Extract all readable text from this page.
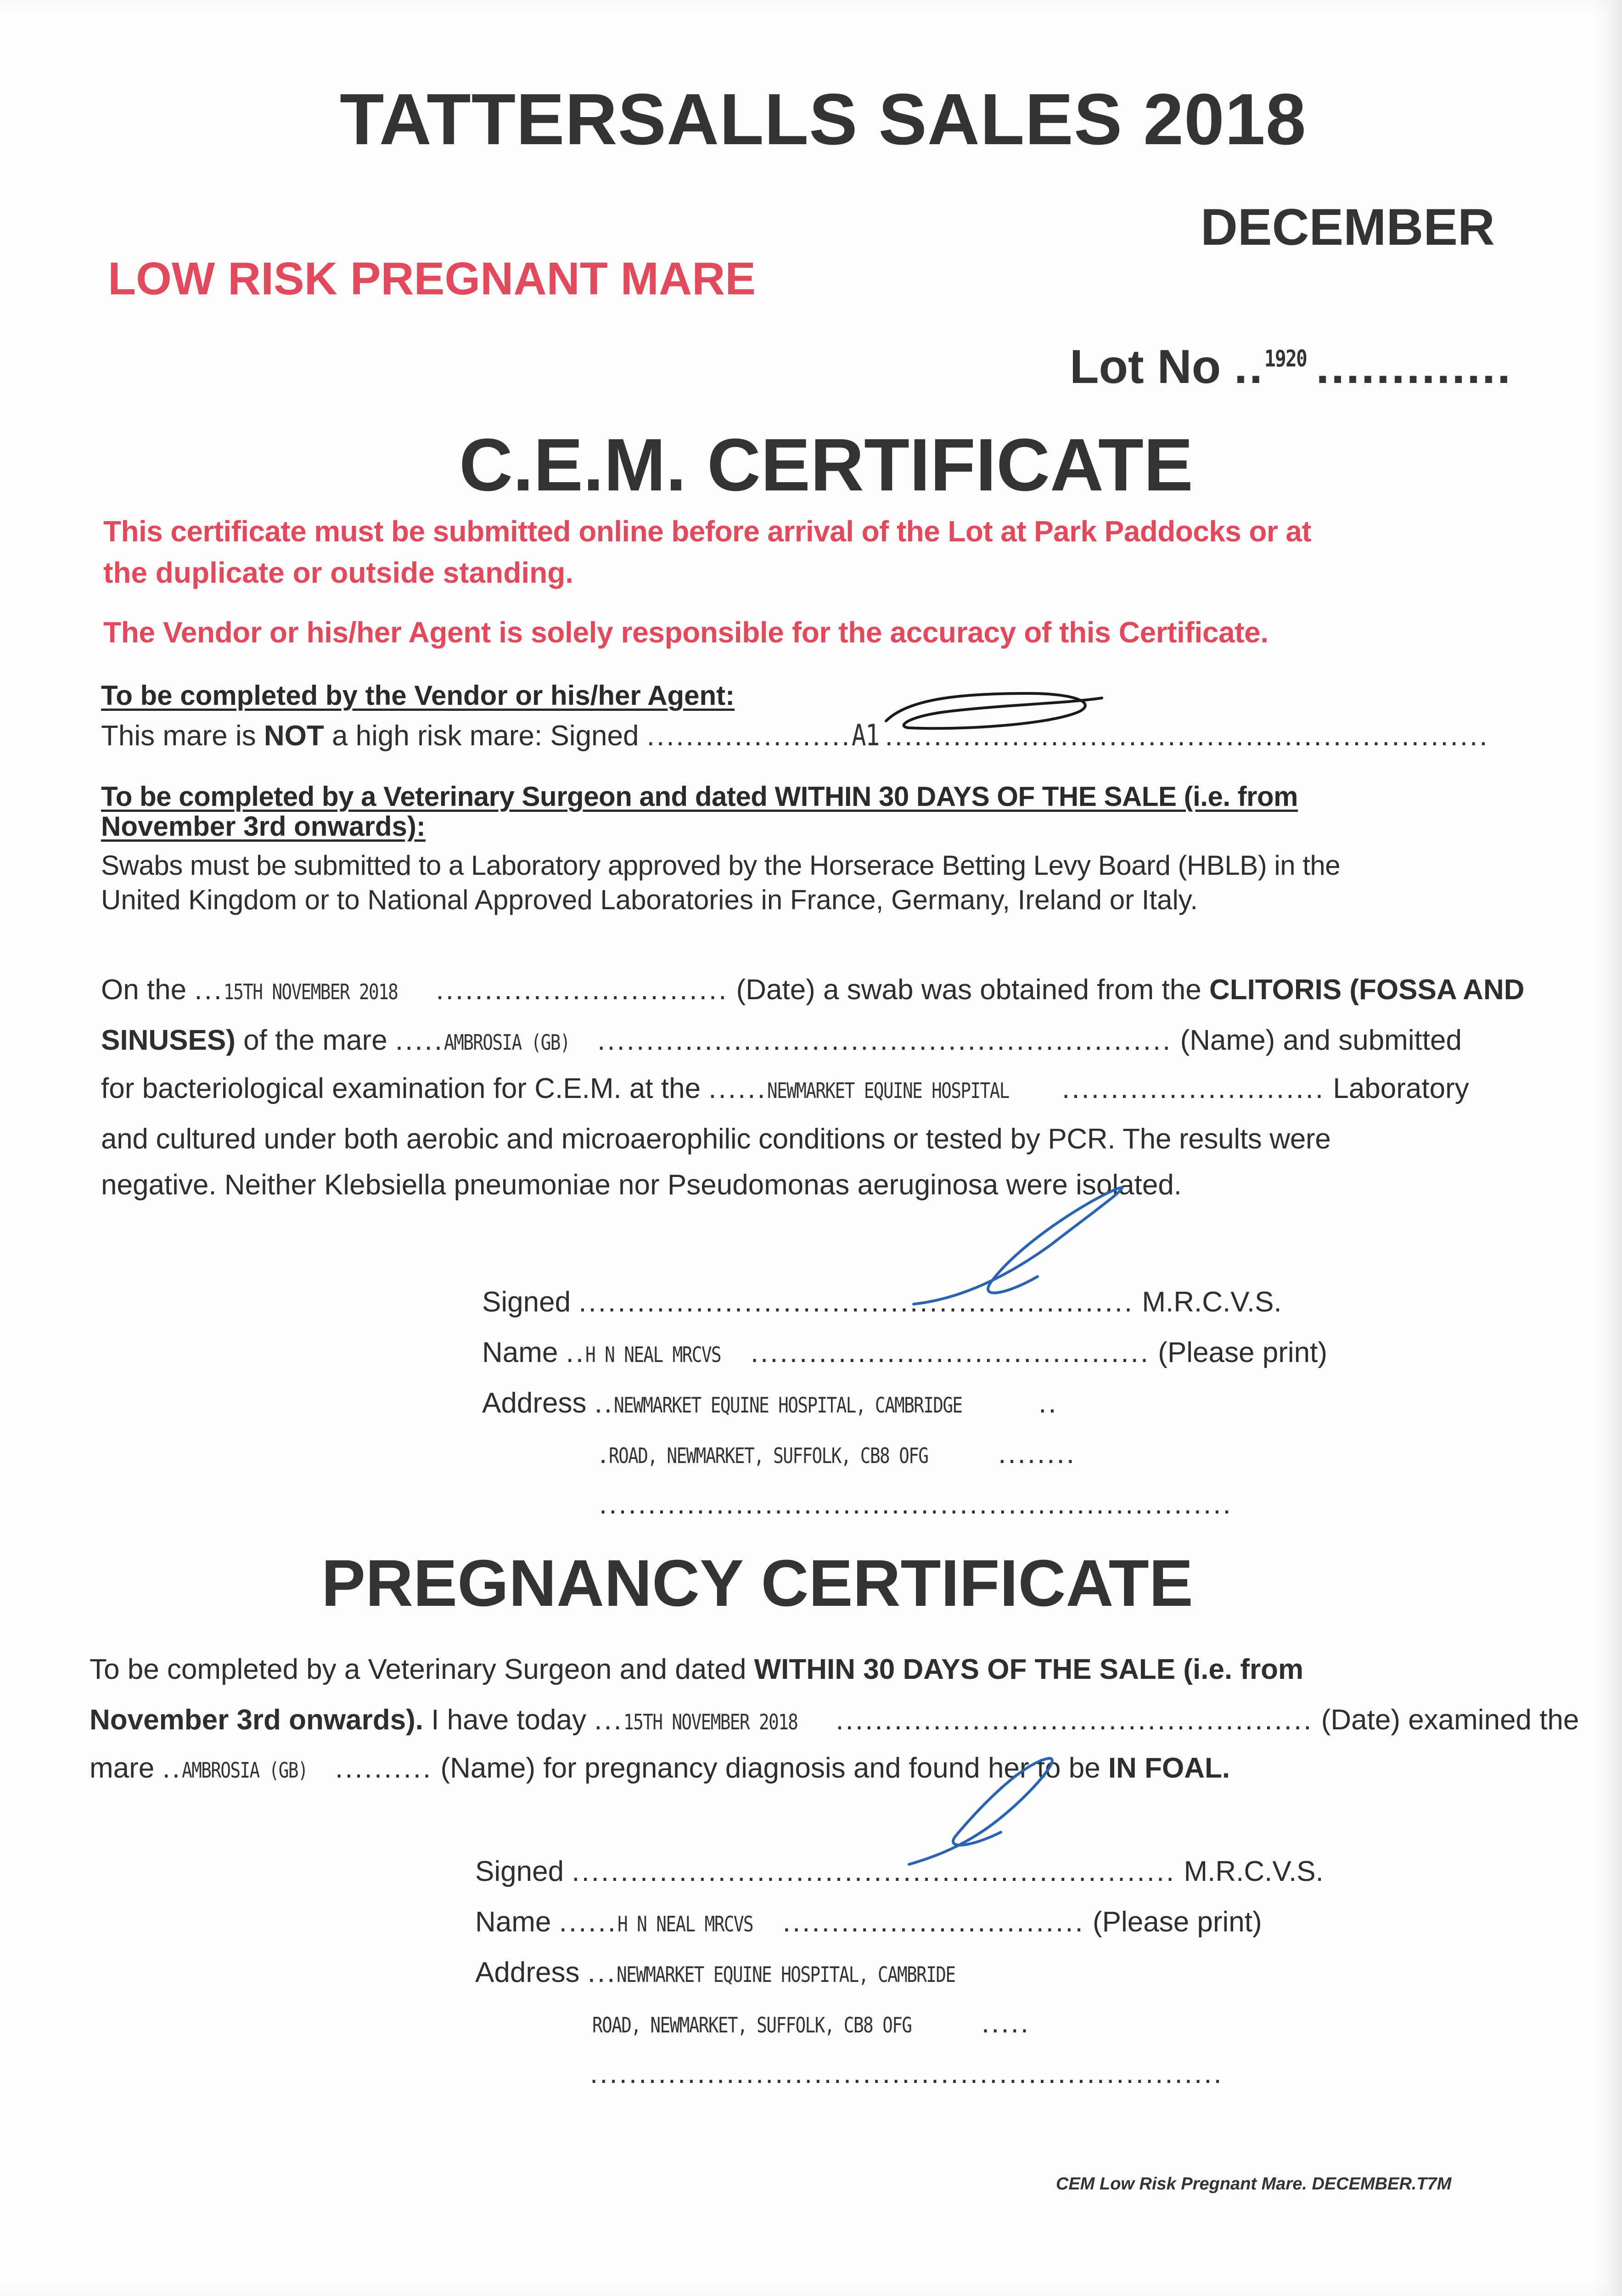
TATTERSALLS SALES 2018
DECEMBER
LOW RISK PREGNANT MARE
Lot No ..1920 .............
C.E.M. CERTIFICATE
This certificate must be submitted online before arrival of the Lot at Park Paddocks or at
the duplicate or outside standing.
The Vendor or his/her Agent is solely responsible for the accuracy of this Certificate.
To be completed by the Vendor or his/her Agent:
This mare is NOT a high risk mare: Signed .....................A1 ..............................................................
To be completed by a Veterinary Surgeon and dated WITHIN 30 DAYS OF THE SALE (i.e. from
November 3rd onwards):
Swabs must be submitted to a Laboratory approved by the Horserace Betting Levy Board (HBLB) in the
United Kingdom or to National Approved Laboratories in France, Germany, Ireland or Italy.
On the ...15TH NOVEMBER 2018 .............................. (Date) a swab was obtained from the CLITORIS (FOSSA AND
SINUSES) of the mare .....AMBROSIA (GB) ........................................................... (Name) and submitted
for bacteriological examination for C.E.M. at the ......NEWMARKET EQUINE HOSPITAL ........................... Laboratory
and cultured under both aerobic and microaerophilic conditions or tested by PCR. The results were
negative. Neither Klebsiella pneumoniae nor Pseudomonas aeruginosa were isolated.
Signed ......................................................... M.R.C.V.S.
Name ..H N NEAL MRCVS ......................................... (Please print)
Address ..NEWMARKET EQUINE HOSPITAL, CAMBRIDGE	..
.ROAD, NEWMARKET, SUFFOLK, CB8 OFG ........
.................................................................
PREGNANCY CERTIFICATE
To be completed by a Veterinary Surgeon and dated WITHIN 30 DAYS OF THE SALE (i.e. from
November 3rd onwards). I have today ...15TH NOVEMBER 2018 ................................................. (Date) examined the
mare ..AMBROSIA (GB) .......... (Name) for pregnancy diagnosis and found her to be IN FOAL.
Signed .............................................................. M.R.C.V.S.
Name ......H N NEAL MRCVS ............................... (Please print)
Address ...NEWMARKET EQUINE HOSPITAL, CAMBRIDE
ROAD, NEWMARKET, SUFFOLK, CB8 OFG .....
.................................................................
CEM Low Risk Pregnant Mare. DECEMBER.T7M
